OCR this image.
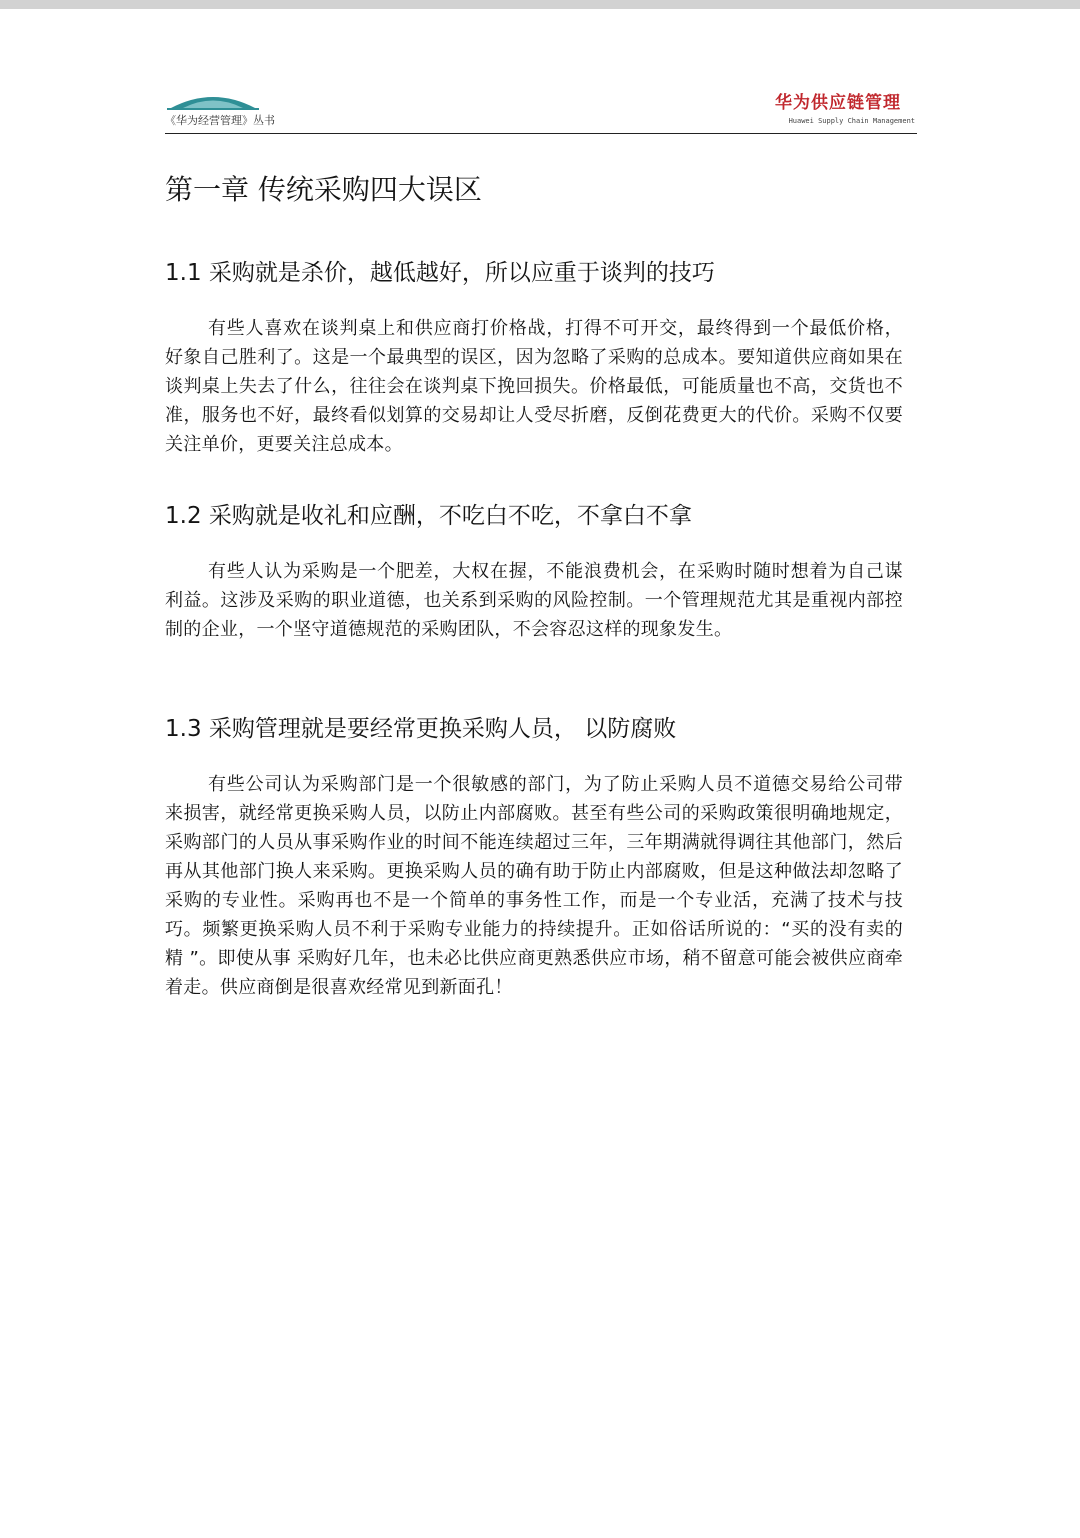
《华为经营管理》丛书
华为供应链管理
Huawei Supply Chain Management
第一章 传统采购四大误区
1.1 采购就是杀价，越低越好，所以应重于谈判的技巧

有些人喜欢在谈判桌上和供应商打价格战，打得不可开交，最终得到一个最低价格，好象自己胜利了。这是一个最典型的误区，因为忽略了采购的总成本。要知道供应商如果在谈判桌上失去了什么，往往会在谈判桌下挽回损失。价格最低，可能质量也不高，交货也不准，服务也不好，最终看似划算的交易却让人受尽折磨，反倒花费更大的代价。采购不仅要关注单价，更要关注总成本。

1.2 采购就是收礼和应酬，不吃白不吃，不拿白不拿

有些人认为采购是一个肥差，大权在握，不能浪费机会，在采购时随时想着为自己谋利益。这涉及采购的职业道德，也关系到采购的风险控制。一个管理规范尤其是重视内部控制的企业，一个坚守道德规范的采购团队，不会容忍这样的现象发生。

1.3 采购管理就是要经常更换采购人员， 以防腐败

有些公司认为采购部门是一个很敏感的部门，为了防止采购人员不道德交易给公司带来损害，就经常更换采购人员，以防止内部腐败。甚至有些公司的采购政策很明确地规定，采购部门的人员从事采购作业的时间不能连续超过三年，三年期满就得调往其他部门，然后再从其他部门换人来采购。更换采购人员的确有助于防止内部腐败，但是这种做法却忽略了采购的专业性。采购再也不是一个简单的事务性工作，而是一个专业活，充满了技术与技巧。频繁更换采购人员不利于采购专业能力的持续提升。正如俗话所说的：“买的没有卖的精 ”。即使从事 采购好几年，也未必比供应商更熟悉供应市场，稍不留意可能会被供应商牵着走。供应商倒是很喜欢经常见到新面孔！
